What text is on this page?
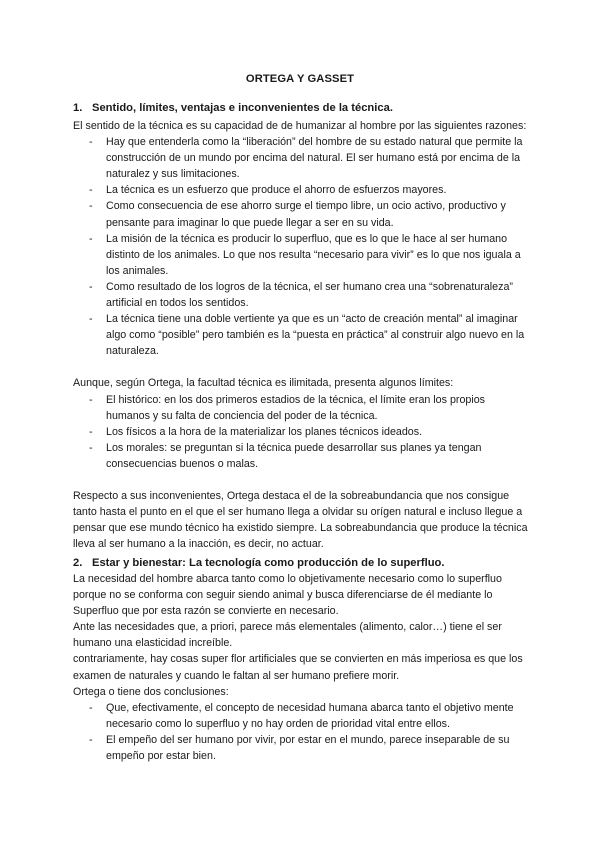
ORTEGA Y GASSET
1. Sentido, límites, ventajas e inconvenientes de la técnica.

El sentido de la técnica es su capacidad de de humanizar al hombre por las siguientes razones:

- Hay que entenderla como la “liberación” del hombre de su estado natural que permite la construcción de un mundo por encima del natural. El ser humano está por encima de la naturalez y sus limitaciones.
- La técnica es un esfuerzo que produce el ahorro de esfuerzos mayores.
- Como consecuencia de ese ahorro surge el tiempo libre, un ocio activo, productivo y pensante para imaginar lo que puede llegar a ser en su vida.
- La misión de la técnica es producir lo superfluo, que es lo que le hace al ser humano distinto de los animales. Lo que nos resulta “necesario para vivir” es lo que nos iguala a los animales.
- Como resultado de los logros de la técnica, el ser humano crea una “sobrenaturaleza” artificial en todos los sentidos.
- La técnica tiene una doble vertiente ya que es un “acto de creación mental” al imaginar algo como “posible” pero también es la “puesta en práctica” al construir algo nuevo en la naturaleza.

Aunque, según Ortega, la facultad técnica es ilimitada, presenta algunos límites:

- El histórico: en los dos primeros estadios de la técnica, el límite eran los propios humanos y su falta de conciencia del poder de la técnica.
- Los físicos a la hora de la materializar los planes técnicos ideados.
- Los morales: se preguntan si la técnica puede desarrollar sus planes ya tengan consecuencias buenos o malas.

Respecto a sus inconvenientes, Ortega destaca el de la sobreabundancia que nos consigue tanto hasta el punto en el que el ser humano llega a olvidar su orígen natural e incluso llegue a pensar que ese mundo técnico ha existido siempre. La sobreabundancia que produce la técnica lleva al ser humano a la inacción, es decir, no actuar.

2. Estar y bienestar: La tecnología como producción de lo superfluo.

La necesidad del hombre abarca tanto como lo objetivamente necesario como lo superfluo porque no se conforma con seguir siendo animal y busca diferenciarse de él mediante lo Superfluo que por esta razón se convierte en necesario.

Ante las necesidades que, a priori, parece más elementales (alimento, calor…) tiene el ser humano una elasticidad increíble.

contrariamente, hay cosas super flor artificiales que se convierten en más imperiosa es que los examen de naturales y cuando le faltan al ser humano prefiere morir.

Ortega o tiene dos conclusiones:

- Que, efectivamente, el concepto de necesidad humana abarca tanto el objetivo mente necesario como lo superfluo y no hay orden de prioridad vital entre ellos.
- El empeño del ser humano por vivir, por estar en el mundo, parece inseparable de su empeño por estar bien.
